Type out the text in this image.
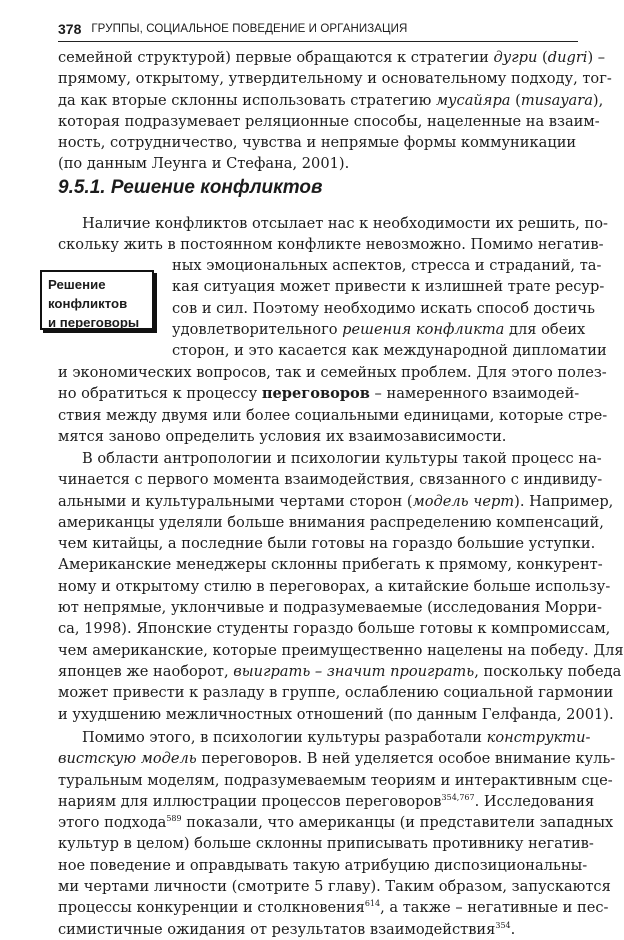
378 ГРУППЫ, СОЦИАЛЬНОЕ ПОВЕДЕНИЕ И ОРГАНИЗАЦИЯ
семейной структурой) первые обращаются к стратегии дугри (dugri) –
прямому, открытому, утвердительному и основательному подходу, тог-
да как вторые склонны использовать стратегию мусайяра (musayara),
которая подразумевает реляционные способы, нацеленные на взаим-
ность, сотрудничество, чувства и непрямые формы коммуникации
(по данным Леунга и Стефана, 2001).
9.5.1. Решение конфликтов
Решение
конфликтов
и переговоры
Наличие конфликтов отсылает нас к необходимости их решить, по-
скольку жить в постоянном конфликте невозможно. Помимо негатив-
ных эмоциональных аспектов, стресса и страданий, та-
кая ситуация может привести к излишней трате ресур-
сов и сил. Поэтому необходимо искать способ достичь
удовлетворительного решения конфликта для обеих
сторон, и это касается как международной дипломатии
и экономических вопросов, так и семейных проблем. Для этого полез-
но обратиться к процессу переговоров – намеренного взаимодей-
ствия между двумя или более социальными единицами, которые стре-
мятся заново определить условия их взаимозависимости.
В области антропологии и психологии культуры такой процесс на-
чинается с первого момента взаимодействия, связанного с индивиду-
альными и культуральными чертами сторон (модель черт). Например,
американцы уделяли больше внимания распределению компенсаций,
чем китайцы, а последние были готовы на гораздо большие уступки.
Американские менеджеры склонны прибегать к прямому, конкурент-
ному и открытому стилю в переговорах, а китайские больше использу-
ют непрямые, уклончивые и подразумеваемые (исследования Морри-
са, 1998). Японские студенты гораздо больше готовы к компромиссам,
чем американские, которые преимущественно нацелены на победу. Для
японцев же наоборот, выиграть – значит проиграть, поскольку победа
может привести к разладу в группе, ослаблению социальной гармонии
и ухудшению межличностных отношений (по данным Гелфанда, 2001).
Помимо этого, в психологии культуры разработали конструкти-
вистскую модель переговоров. В ней уделяется особое внимание куль-
туральным моделям, подразумеваемым теориям и интерактивным сце-
нариям для иллюстрации процессов переговоров$^{354,767}$. Исследования
этого подхода$^{589}$ показали, что американцы (и представители западных
культур в целом) больше склонны приписывать противнику негатив-
ное поведение и оправдывать такую атрибуцию диспозициональны-
ми чертами личности (смотрите 5 главу). Таким образом, запускаются
процессы конкуренции и столкновения$^{614}$, а также – негативные и пес-
симистичные ожидания от результатов взаимодействия$^{354}$.
